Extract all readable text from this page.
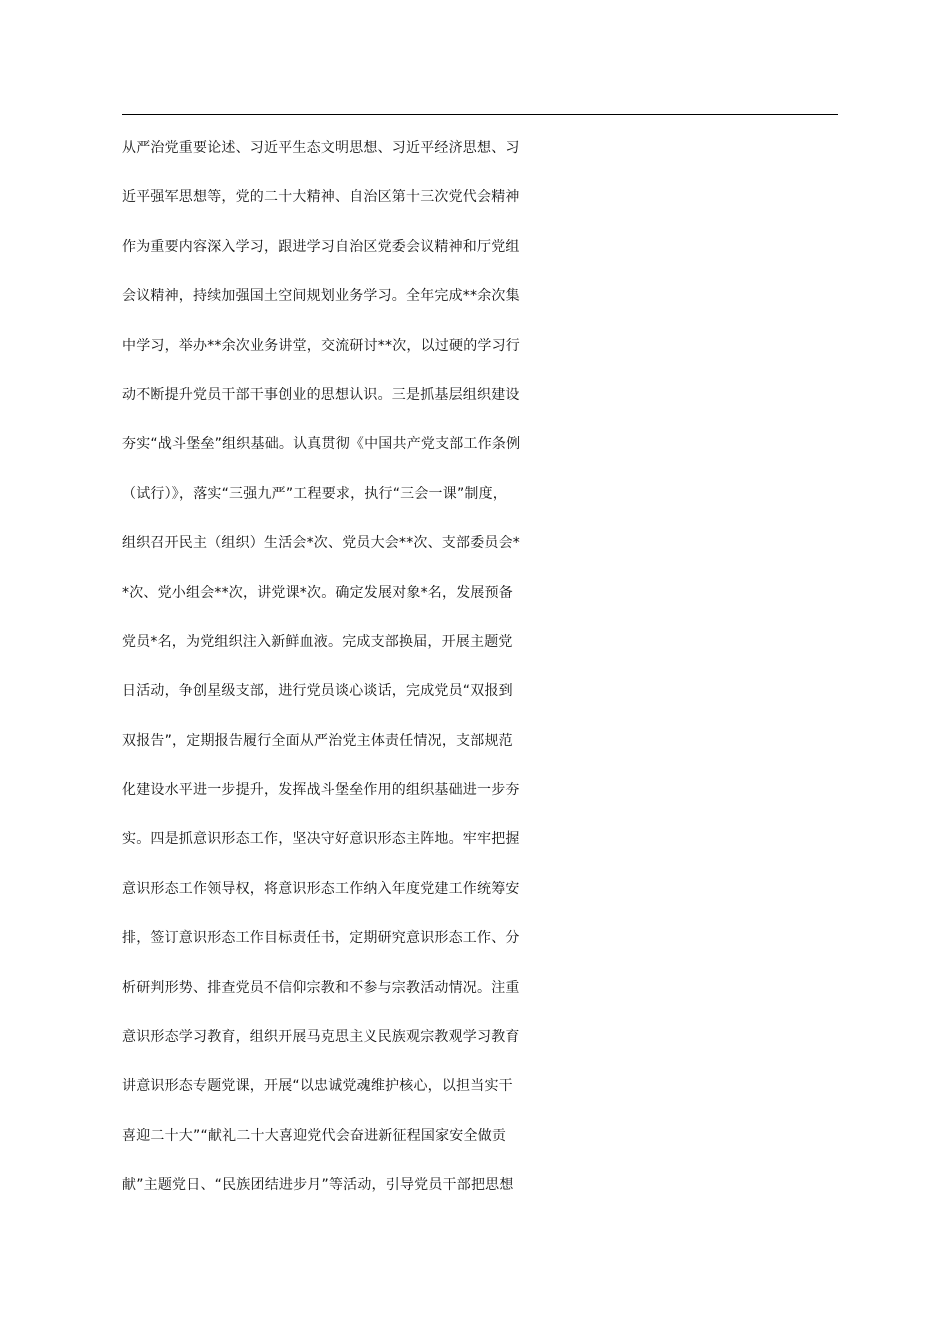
从严治党重要论述、习近平生态文明思想、习近平经济思想、习
近平强军思想等，党的二十大精神、自治区第十三次党代会精神
作为重要内容深入学习，跟进学习自治区党委会议精神和厅党组
会议精神，持续加强国土空间规划业务学习。全年完成**余次集
中学习，举办**余次业务讲堂，交流研讨**次，以过硬的学习行
动不断提升党员干部干事创业的思想认识。三是抓基层组织建设
夯实“战斗堡垒”组织基础。认真贯彻《中国共产党支部工作条例
（试行）》，落实“三强九严”工程要求，执行“三会一课”制度，
组织召开民主（组织）生活会*次、党员大会**次、支部委员会*
*次、党小组会**次，讲党课*次。确定发展对象*名，发展预备
党员*名，为党组织注入新鲜血液。完成支部换届，开展主题党
日活动，争创星级支部，进行党员谈心谈话，完成党员“双报到
双报告”，定期报告履行全面从严治党主体责任情况，支部规范
化建设水平进一步提升，发挥战斗堡垒作用的组织基础进一步夯
实。四是抓意识形态工作，坚决守好意识形态主阵地。牢牢把握
意识形态工作领导权，将意识形态工作纳入年度党建工作统筹安
排，签订意识形态工作目标责任书，定期研究意识形态工作、分
析研判形势、排查党员不信仰宗教和不参与宗教活动情况。注重
意识形态学习教育，组织开展马克思主义民族观宗教观学习教育
讲意识形态专题党课，开展“以忠诚党魂维护核心，以担当实干
喜迎二十大”“献礼二十大喜迎党代会奋进新征程国家安全做贡
献”主题党日、“民族团结进步月”等活动，引导党员干部把思想
